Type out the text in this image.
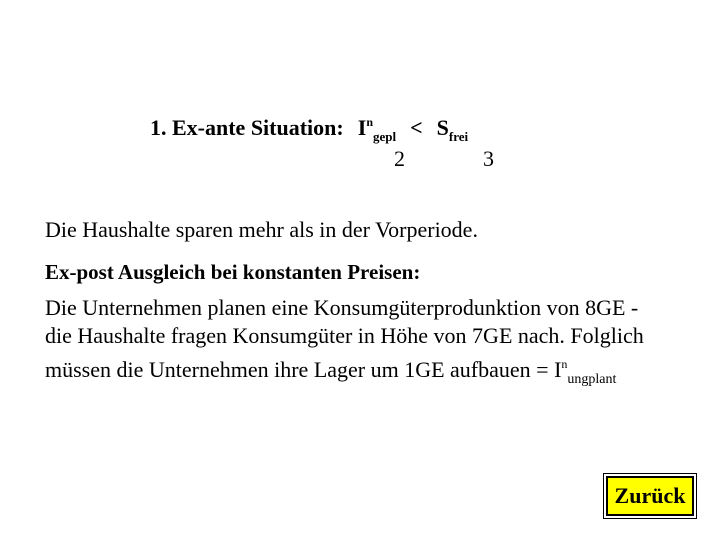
1. Ex-ante Situation: $I^n_{gepl} < S_{frei}$
2	3
Die Haushalte sparen mehr als in der Vorperiode.
Ex-post Ausgleich bei konstanten Preisen:
Die Unternehmen planen eine Konsumgüterprodunktion von 8GE -
die Haushalte fragen Konsumgüter in Höhe von 7GE nach. Folglich
müssen die Unternehmen ihre Lager um 1GE aufbauen = $I^n_{ungplant}$
Zurück
